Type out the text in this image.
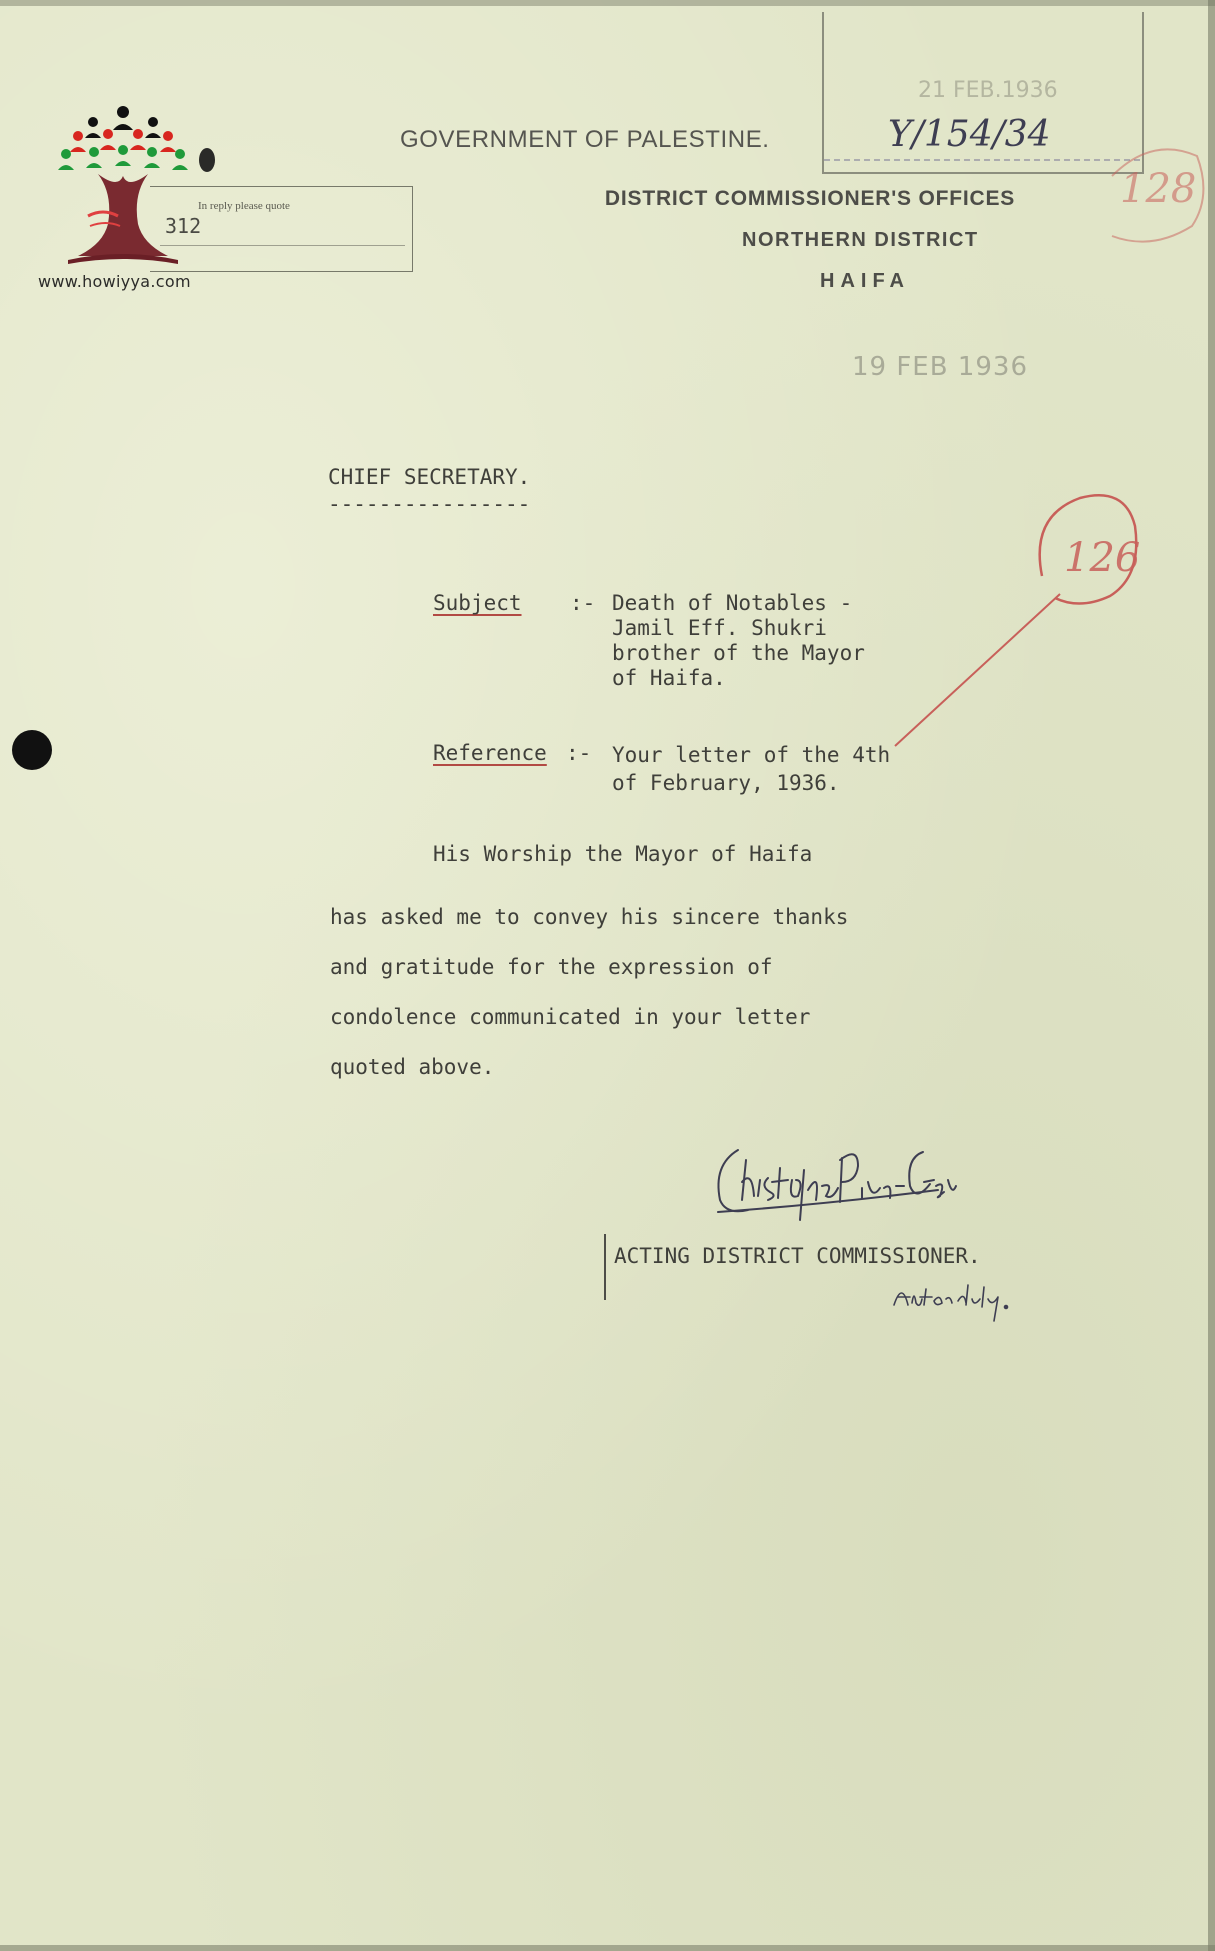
www.howiyya.com
In reply please quote
312
GOVERNMENT OF PALESTINE.
DISTRICT COMMISSIONER'S OFFICES
NORTHERN DISTRICT
HAIFA
21 FEB.1936
Y/154/34
19 FEB 1936
128
126
CHIEF SECRETARY.
----------------
Subject :- Death of Notables -
Jamil Eff. Shukri
brother of the Mayor
of Haifa.
Reference :- Your letter of the 4th
of February, 1936.
His Worship the Mayor of Haifa

has asked me to convey his sincere thanks
and gratitude for the expression of
condolence communicated in your letter
quoted above.
ACTING DISTRICT COMMISSIONER.
